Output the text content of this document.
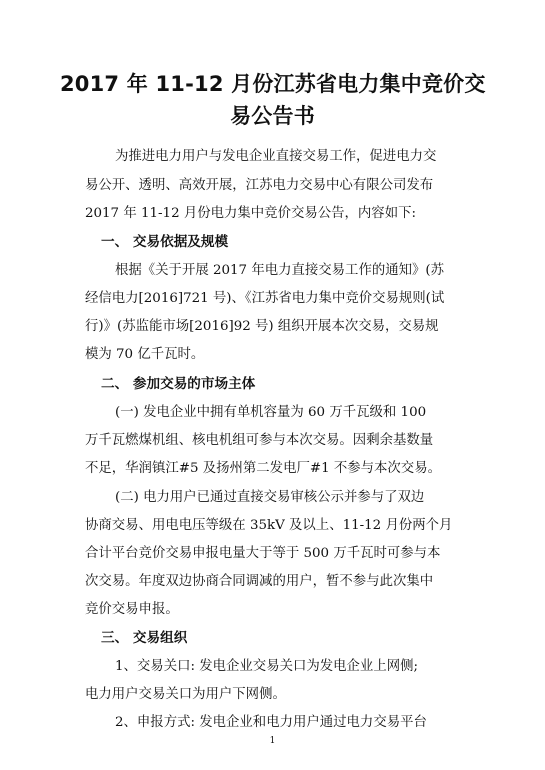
2017 年 11-12 月份江苏省电力集中竞价交
易公告书
为推进电力用户与发电企业直接交易工作，促进电力交
易公开、透明、高效开展，江苏电力交易中心有限公司发布
2017 年 11-12 月份电力集中竞价交易公告，内容如下:
一、 交易依据及规模
根据《关于开展 2017 年电力直接交易工作的通知》(苏
经信电力[2016]721 号)、《江苏省电力集中竞价交易规则(试
行)》(苏监能市场[2016]92 号) 组织开展本次交易，交易规
模为 70 亿千瓦时。
二、 参加交易的市场主体
(一) 发电企业中拥有单机容量为 60 万千瓦级和 100
万千瓦燃煤机组、核电机组可参与本次交易。因剩余基数量
不足，华润镇江#5 及扬州第二发电厂#1 不参与本次交易。
(二) 电力用户已通过直接交易审核公示并参与了双边
协商交易、用电电压等级在 35kV 及以上、11-12 月份两个月
合计平台竞价交易申报电量大于等于 500 万千瓦时可参与本
次交易。年度双边协商合同调减的用户，暂不参与此次集中
竞价交易申报。
三、 交易组织
1、交易关口: 发电企业交易关口为发电企业上网侧;
电力用户交易关口为用户下网侧。
2、申报方式: 发电企业和电力用户通过电力交易平台
1
